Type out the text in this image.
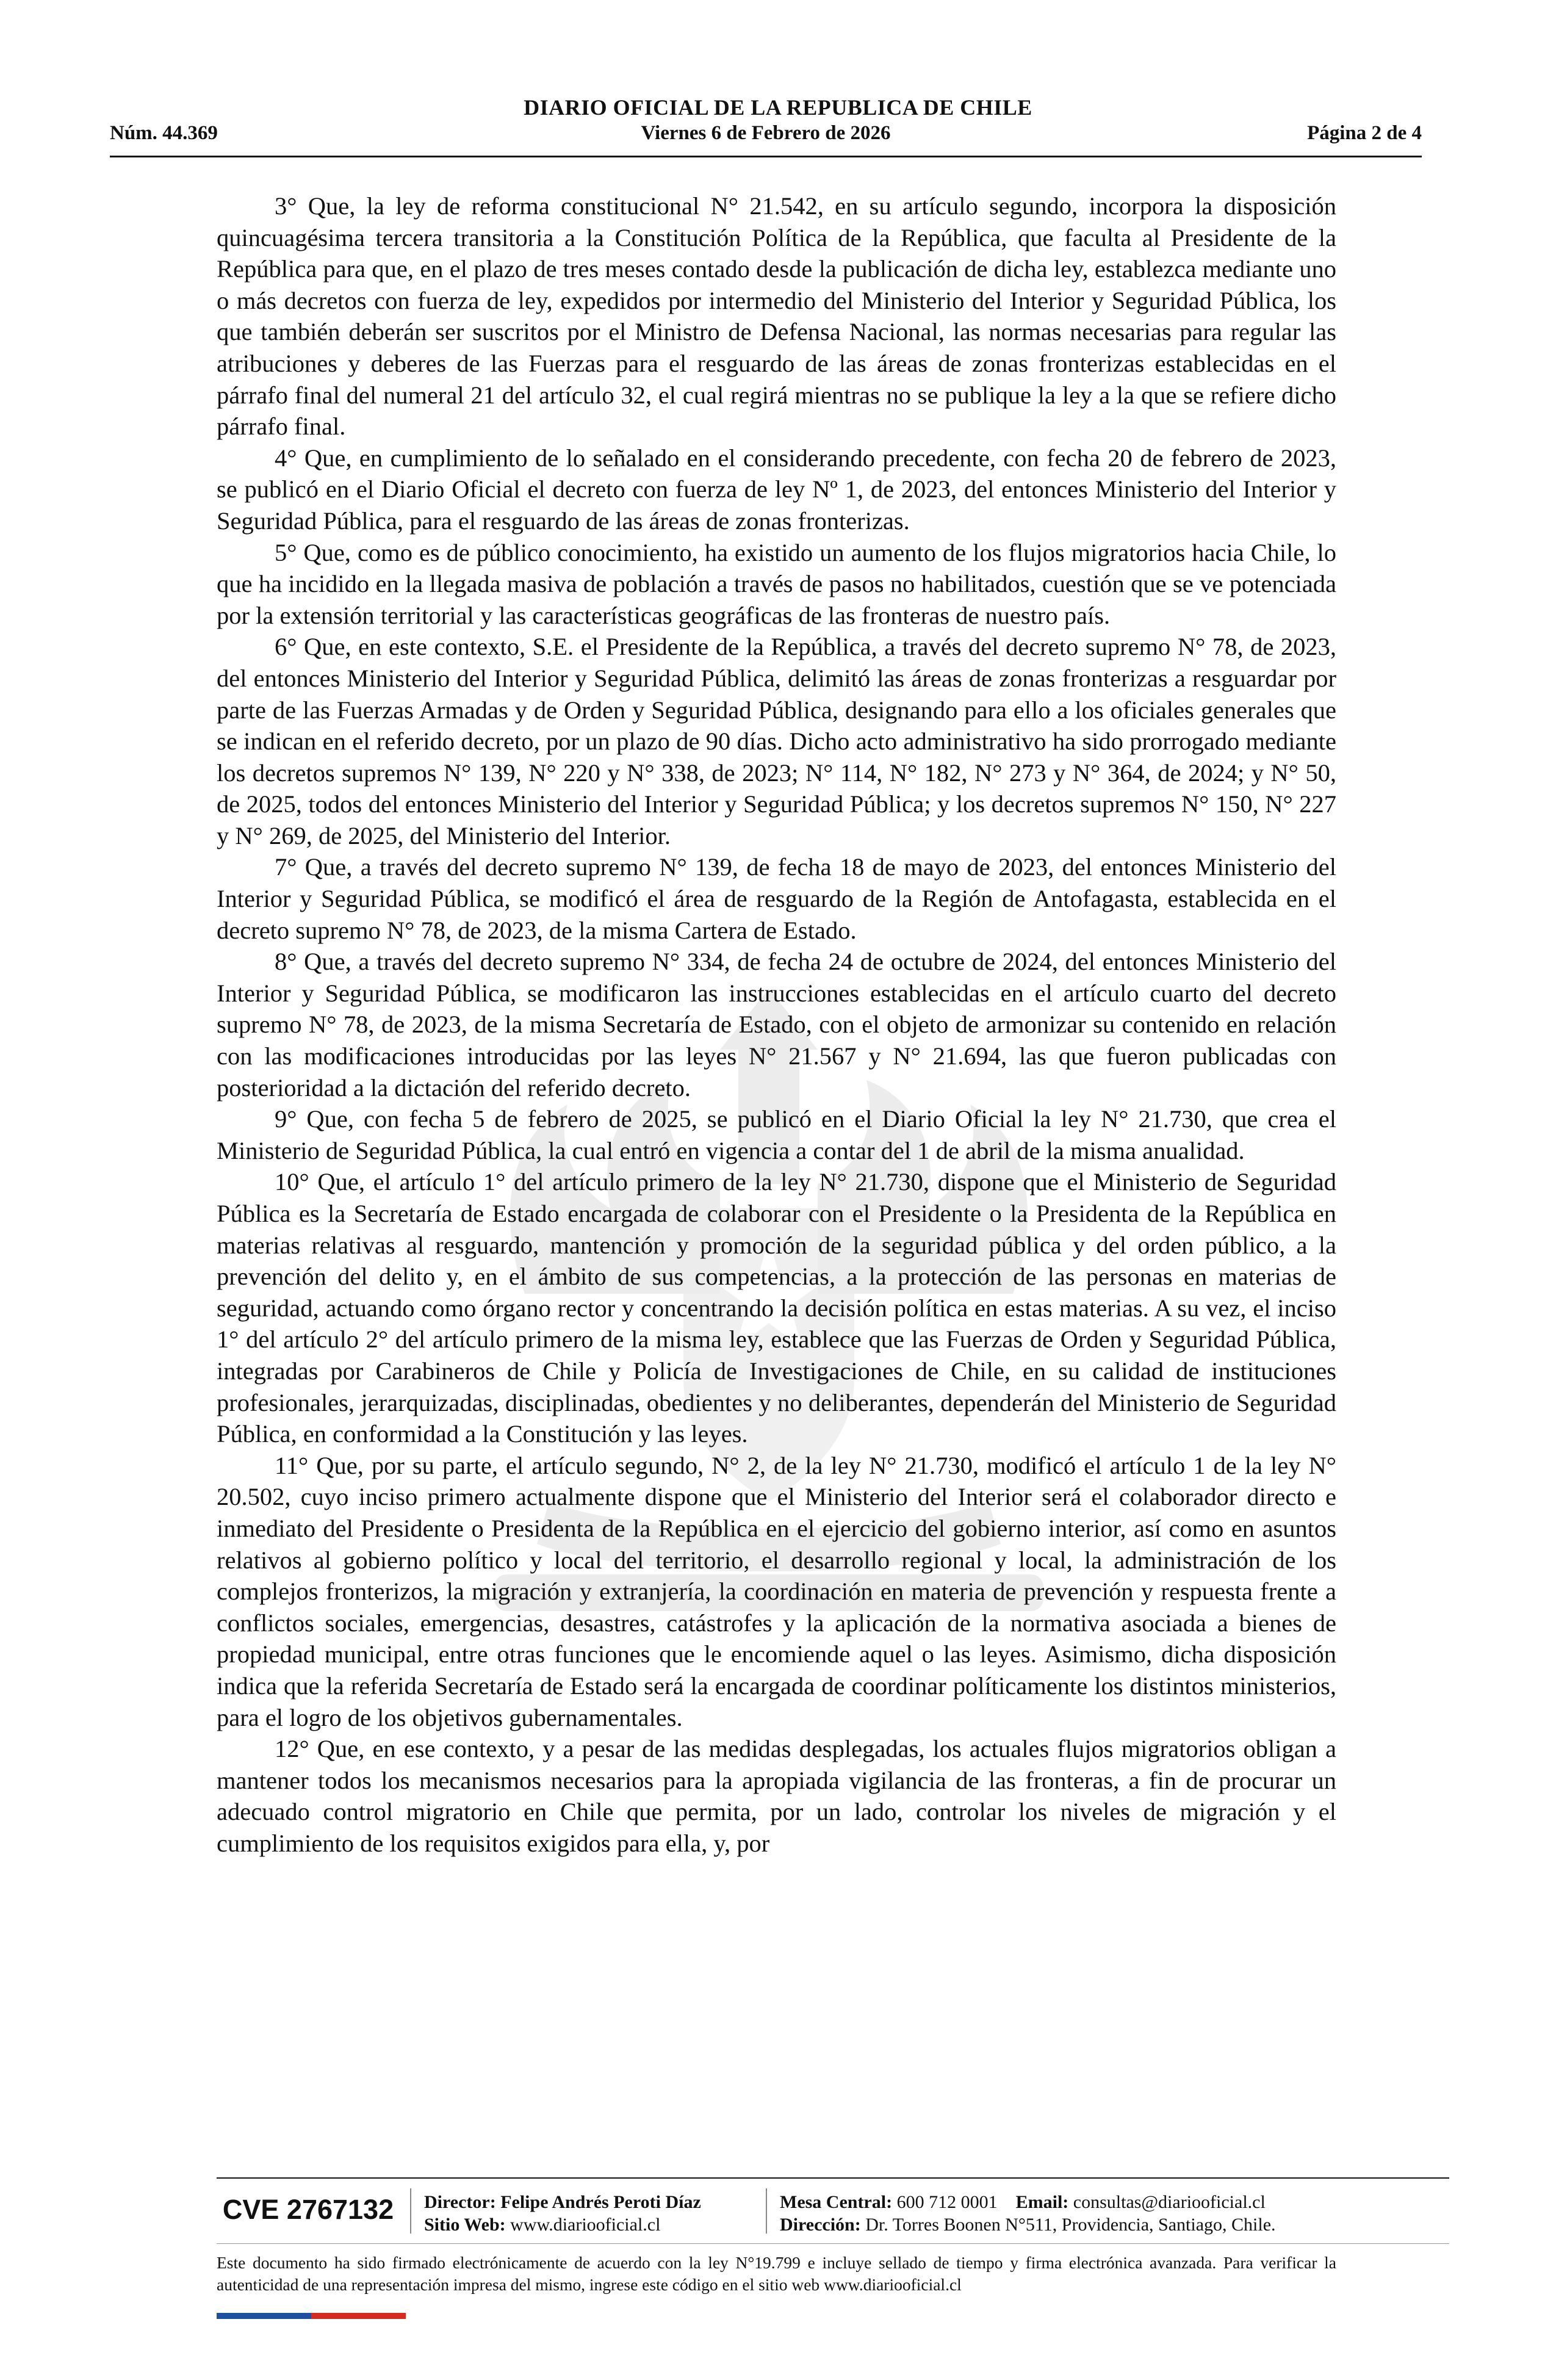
DIARIO OFICIAL DE LA REPUBLICA DE CHILE
Viernes 6 de Febrero de 2026
Núm. 44.369	Página 2 de 4

3° Que, la ley de reforma constitucional N° 21.542, en su artículo segundo, incorpora la disposición quincuagésima tercera transitoria a la Constitución Política de la República, que faculta al Presidente de la República para que, en el plazo de tres meses contado desde la publicación de dicha ley, establezca mediante uno o más decretos con fuerza de ley, expedidos por intermedio del Ministerio del Interior y Seguridad Pública, los que también deberán ser suscritos por el Ministro de Defensa Nacional, las normas necesarias para regular las atribuciones y deberes de las Fuerzas para el resguardo de las áreas de zonas fronterizas establecidas en el párrafo final del numeral 21 del artículo 32, el cual regirá mientras no se publique la ley a la que se refiere dicho párrafo final.

4° Que, en cumplimiento de lo señalado en el considerando precedente, con fecha 20 de febrero de 2023, se publicó en el Diario Oficial el decreto con fuerza de ley Nº 1, de 2023, del entonces Ministerio del Interior y Seguridad Pública, para el resguardo de las áreas de zonas fronterizas.

5° Que, como es de público conocimiento, ha existido un aumento de los flujos migratorios hacia Chile, lo que ha incidido en la llegada masiva de población a través de pasos no habilitados, cuestión que se ve potenciada por la extensión territorial y las características geográficas de las fronteras de nuestro país.

6° Que, en este contexto, S.E. el Presidente de la República, a través del decreto supremo N° 78, de 2023, del entonces Ministerio del Interior y Seguridad Pública, delimitó las áreas de zonas fronterizas a resguardar por parte de las Fuerzas Armadas y de Orden y Seguridad Pública, designando para ello a los oficiales generales que se indican en el referido decreto, por un plazo de 90 días. Dicho acto administrativo ha sido prorrogado mediante los decretos supremos N° 139, N° 220 y N° 338, de 2023; N° 114, N° 182, N° 273 y N° 364, de 2024; y N° 50, de 2025, todos del entonces Ministerio del Interior y Seguridad Pública; y los decretos supremos N° 150, N° 227 y N° 269, de 2025, del Ministerio del Interior.

7° Que, a través del decreto supremo N° 139, de fecha 18 de mayo de 2023, del entonces Ministerio del Interior y Seguridad Pública, se modificó el área de resguardo de la Región de Antofagasta, establecida en el decreto supremo N° 78, de 2023, de la misma Cartera de Estado.

8° Que, a través del decreto supremo N° 334, de fecha 24 de octubre de 2024, del entonces Ministerio del Interior y Seguridad Pública, se modificaron las instrucciones establecidas en el artículo cuarto del decreto supremo N° 78, de 2023, de la misma Secretaría de Estado, con el objeto de armonizar su contenido en relación con las modificaciones introducidas por las leyes N° 21.567 y N° 21.694, las que fueron publicadas con posterioridad a la dictación del referido decreto.

9° Que, con fecha 5 de febrero de 2025, se publicó en el Diario Oficial la ley N° 21.730, que crea el Ministerio de Seguridad Pública, la cual entró en vigencia a contar del 1 de abril de la misma anualidad.

10° Que, el artículo 1° del artículo primero de la ley N° 21.730, dispone que el Ministerio de Seguridad Pública es la Secretaría de Estado encargada de colaborar con el Presidente o la Presidenta de la República en materias relativas al resguardo, mantención y promoción de la seguridad pública y del orden público, a la prevención del delito y, en el ámbito de sus competencias, a la protección de las personas en materias de seguridad, actuando como órgano rector y concentrando la decisión política en estas materias. A su vez, el inciso 1° del artículo 2° del artículo primero de la misma ley, establece que las Fuerzas de Orden y Seguridad Pública, integradas por Carabineros de Chile y Policía de Investigaciones de Chile, en su calidad de instituciones profesionales, jerarquizadas, disciplinadas, obedientes y no deliberantes, dependerán del Ministerio de Seguridad Pública, en conformidad a la Constitución y las leyes.

11° Que, por su parte, el artículo segundo, N° 2, de la ley N° 21.730, modificó el artículo 1 de la ley N° 20.502, cuyo inciso primero actualmente dispone que el Ministerio del Interior será el colaborador directo e inmediato del Presidente o Presidenta de la República en el ejercicio del gobierno interior, así como en asuntos relativos al gobierno político y local del territorio, el desarrollo regional y local, la administración de los complejos fronterizos, la migración y extranjería, la coordinación en materia de prevención y respuesta frente a conflictos sociales, emergencias, desastres, catástrofes y la aplicación de la normativa asociada a bienes de propiedad municipal, entre otras funciones que le encomiende aquel o las leyes. Asimismo, dicha disposición indica que la referida Secretaría de Estado será la encargada de coordinar políticamente los distintos ministerios, para el logro de los objetivos gubernamentales.

12° Que, en ese contexto, y a pesar de las medidas desplegadas, los actuales flujos migratorios obligan a mantener todos los mecanismos necesarios para la apropiada vigilancia de las fronteras, a fin de procurar un adecuado control migratorio en Chile que permita, por un lado, controlar los niveles de migración y el cumplimiento de los requisitos exigidos para ella, y, por

CVE 2767132	Director: Felipe Andrés Peroti Díaz
Sitio Web: www.diariooficial.cl
Mesa Central: 600 712 0001 Email: consultas@diariooficial.cl
Dirección: Dr. Torres Boonen N°511, Providencia, Santiago, Chile.
Este documento ha sido firmado electrónicamente de acuerdo con la ley N°19.799 e incluye sellado de tiempo y firma electrónica avanzada. Para verificar la autenticidad de una representación impresa del mismo, ingrese este código en el sitio web www.diariooficial.cl
